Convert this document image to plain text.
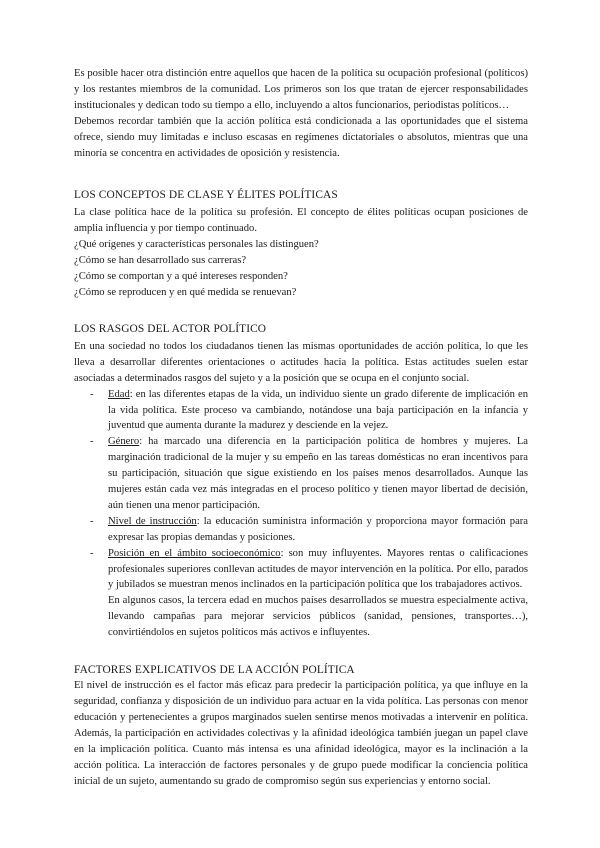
Es posible hacer otra distinción entre aquellos que hacen de la política su ocupación profesional (políticos) y los restantes miembros de la comunidad. Los primeros son los que tratan de ejercer responsabilidades institucionales y dedican todo su tiempo a ello, incluyendo a altos funcionarios, periodistas políticos…

Debemos recordar también que la acción política está condicionada a las oportunidades que el sistema ofrece, siendo muy limitadas e incluso escasas en regímenes dictatoriales o absolutos, mientras que una minoría se concentra en actividades de oposición y resistencia.

LOS CONCEPTOS DE CLASE Y ÉLITES POLÍTICAS

La clase política hace de la política su profesión. El concepto de élites políticas ocupan posiciones de amplia influencia y por tiempo continuado.

¿Qué orígenes y características personales las distinguen?

¿Cómo se han desarrollado sus carreras?

¿Cómo se comportan y a qué intereses responden?

¿Cómo se reproducen y en qué medida se renuevan?

LOS RASGOS DEL ACTOR POLÍTICO

En una sociedad no todos los ciudadanos tienen las mismas oportunidades de acción política, lo que les lleva a desarrollar diferentes orientaciones o actitudes hacia la política. Estas actitudes suelen estar asociadas a determinados rasgos del sujeto y a la posición que se ocupa en el conjunto social.

- Edad: en las diferentes etapas de la vida, un individuo siente un grado diferente de implicación en la vida política. Este proceso va cambiando, notándose una baja participación en la infancia y juventud que aumenta durante la madurez y desciende en la vejez.
- Género: ha marcado una diferencia en la participación política de hombres y mujeres. La marginación tradicional de la mujer y su empeño en las tareas domésticas no eran incentivos para su participación, situación que sigue existiendo en los países menos desarrollados. Aunque las mujeres están cada vez más integradas en el proceso político y tienen mayor libertad de decisión, aún tienen una menor participación.
- Nivel de instrucción: la educación suministra información y proporciona mayor formación para expresar las propias demandas y posiciones.
- Posición en el ámbito socioeconómico: son muy influyentes. Mayores rentas o calificaciones profesionales superiores conllevan actitudes de mayor intervención en la política. Por ello, parados y jubilados se muestran menos inclinados en la participación política que los trabajadores activos.

En algunos casos, la tercera edad en muchos países desarrollados se muestra especialmente activa, llevando campañas para mejorar servicios públicos (sanidad, pensiones, transportes…), convirtiéndolos en sujetos políticos más activos e influyentes.

FACTORES EXPLICATIVOS DE LA ACCIÓN POLÍTICA

El nivel de instrucción es el factor más eficaz para predecir la participación política, ya que influye en la seguridad, confianza y disposición de un individuo para actuar en la vida política. Las personas con menor educación y pertenecientes a grupos marginados suelen sentirse menos motivadas a intervenir en política. Además, la participación en actividades colectivas y la afinidad ideológica también juegan un papel clave en la implicación política. Cuanto más intensa es una afinidad ideológica, mayor es la inclinación a la acción política. La interacción de factores personales y de grupo puede modificar la conciencia política inicial de un sujeto, aumentando su grado de compromiso según sus experiencias y entorno social.
